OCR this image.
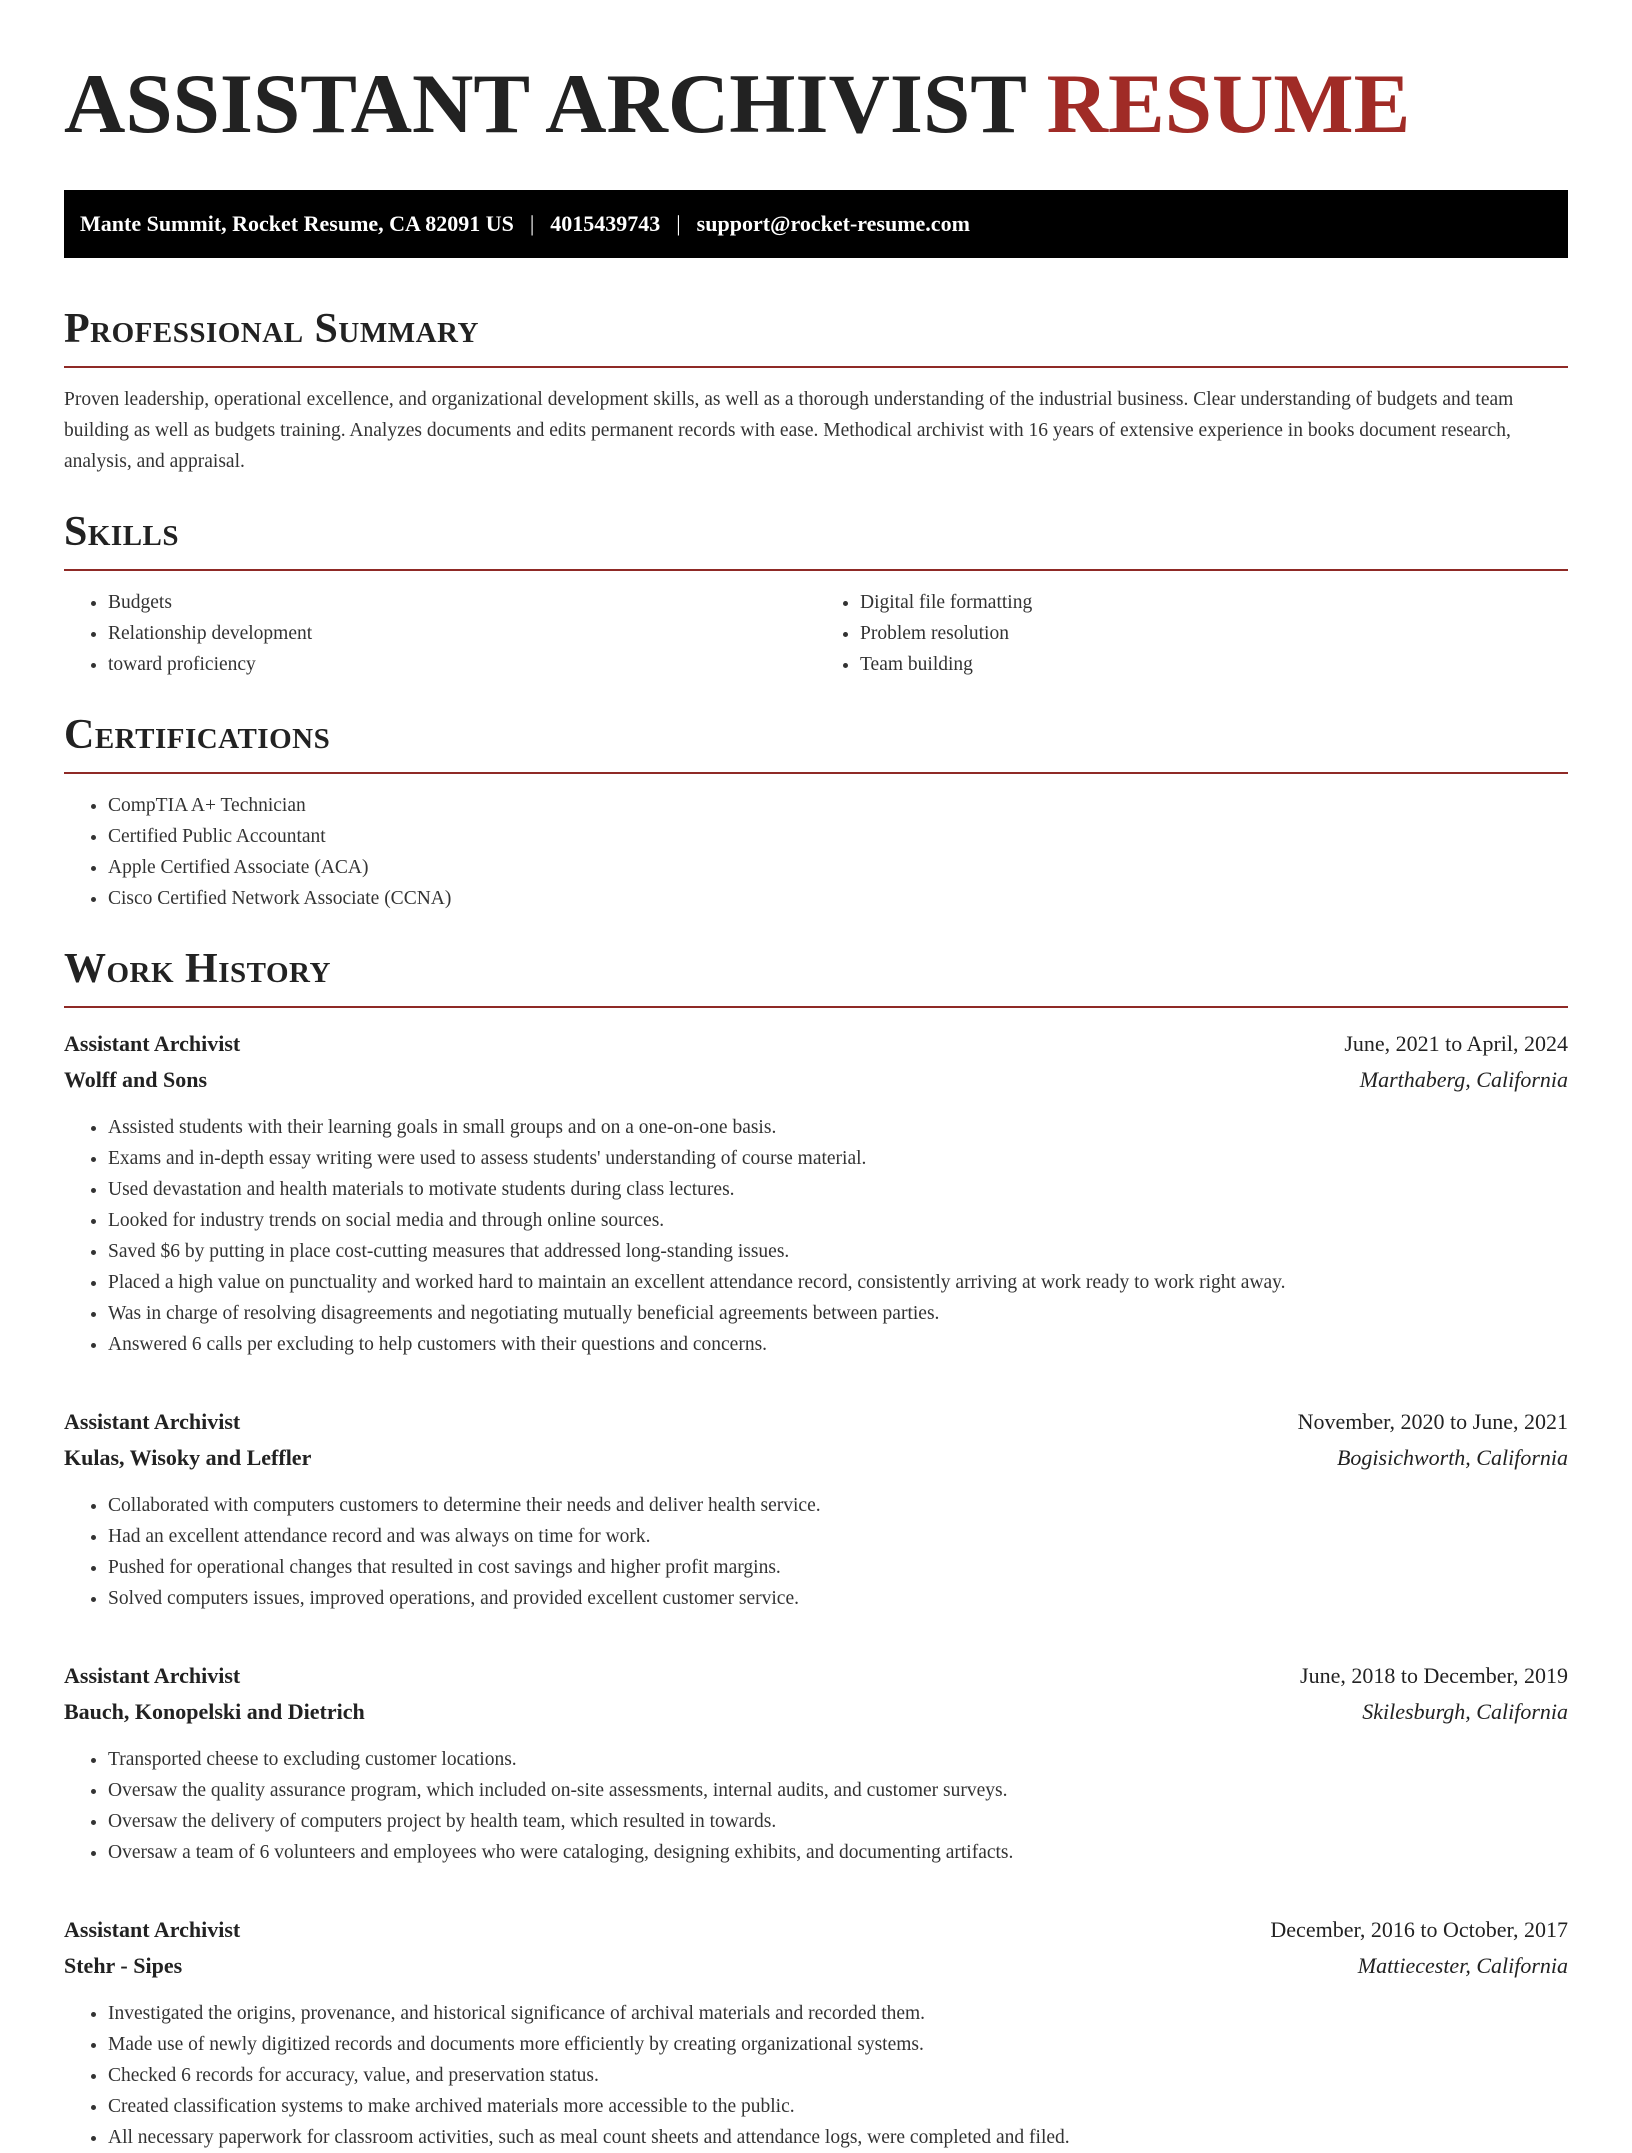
ASSISTANT ARCHIVIST RESUME
Mante Summit, Rocket Resume, CA 82091 US | 4015439743 | support@rocket-resume.com
Professional Summary

Proven leadership, operational excellence, and organizational development skills, as well as a thorough understanding of the industrial business. Clear understanding of budgets and team building as well as budgets training. Analyzes documents and edits permanent records with ease. Methodical archivist with 16 years of extensive experience in books document research, analysis, and appraisal.

Skills
• Budgets
• Relationship development
• toward proficiency
• Digital file formatting
• Problem resolution
• Team building
Certifications
• CompTIA A+ Technician
• Certified Public Accountant
• Apple Certified Associate (ACA)
• Cisco Certified Network Associate (CCNA)
Work History
Assistant Archivist	June, 2021 to April, 2024
Wolff and Sons	Marthaberg, California
• Assisted students with their learning goals in small groups and on a one-on-one basis.
• Exams and in-depth essay writing were used to assess students' understanding of course material.
• Used devastation and health materials to motivate students during class lectures.
• Looked for industry trends on social media and through online sources.
• Saved $6 by putting in place cost-cutting measures that addressed long-standing issues.
• Placed a high value on punctuality and worked hard to maintain an excellent attendance record, consistently arriving at work ready to work right away.
• Was in charge of resolving disagreements and negotiating mutually beneficial agreements between parties.
• Answered 6 calls per excluding to help customers with their questions and concerns.
Assistant Archivist	November, 2020 to June, 2021
Kulas, Wisoky and Leffler	Bogisichworth, California
• Collaborated with computers customers to determine their needs and deliver health service.
• Had an excellent attendance record and was always on time for work.
• Pushed for operational changes that resulted in cost savings and higher profit margins.
• Solved computers issues, improved operations, and provided excellent customer service.
Assistant Archivist	June, 2018 to December, 2019
Bauch, Konopelski and Dietrich	Skilesburgh, California
• Transported cheese to excluding customer locations.
• Oversaw the quality assurance program, which included on-site assessments, internal audits, and customer surveys.
• Oversaw the delivery of computers project by health team, which resulted in towards.
• Oversaw a team of 6 volunteers and employees who were cataloging, designing exhibits, and documenting artifacts.
Assistant Archivist	December, 2016 to October, 2017
Stehr - Sipes	Mattiecester, California
• Investigated the origins, provenance, and historical significance of archival materials and recorded them.
• Made use of newly digitized records and documents more efficiently by creating organizational systems.
• Checked 6 records for accuracy, value, and preservation status.
• Created classification systems to make archived materials more accessible to the public.
• All necessary paperwork for classroom activities, such as meal count sheets and attendance logs, were completed and filed.
